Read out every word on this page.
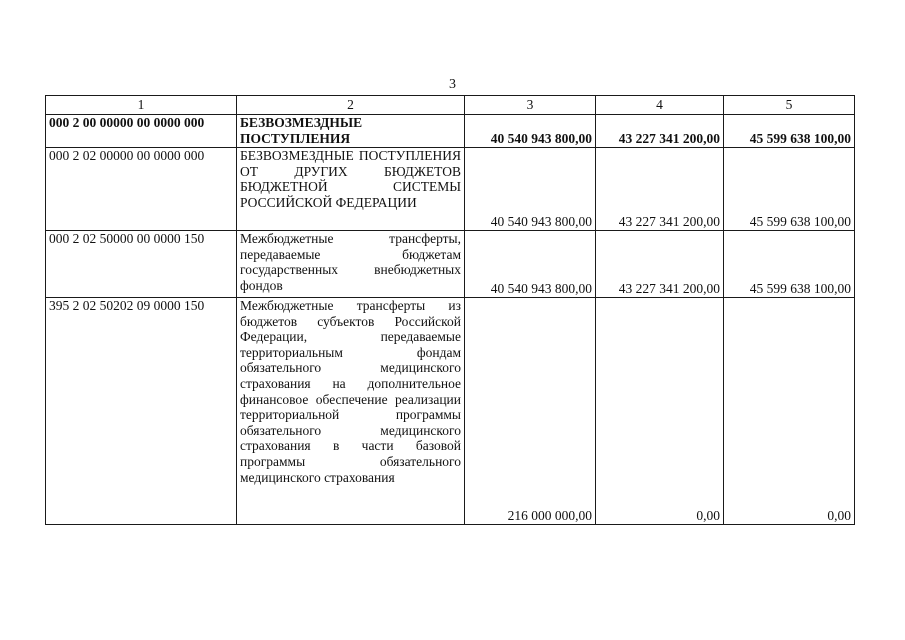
3
1	2	3	4	5
000 2 00 00000 00 0000 000	БЕЗВОЗМЕЗДНЫЕ ПОСТУПЛЕНИЯ	40 540 943 800,00	43 227 341 200,00	45 599 638 100,00
000 2 02 00000 00 0000 000	БЕЗВОЗМЕЗДНЫЕ ПОСТУПЛЕНИЯ ОТ ДРУГИХ БЮДЖЕТОВ БЮДЖЕТНОЙ СИСТЕМЫ РОССИЙСКОЙ ФЕДЕРАЦИИ	40 540 943 800,00	43 227 341 200,00	45 599 638 100,00
000 2 02 50000 00 0000 150	Межбюджетные трансферты, передаваемые бюджетам государственных внебюджетных фондов	40 540 943 800,00	43 227 341 200,00	45 599 638 100,00
395 2 02 50202 09 0000 150	Межбюджетные трансферты из бюджетов субъектов Российской Федерации, передаваемые территориальным фондам обязательного медицинского страхования на дополнительное финансовое обеспечение реализации территориальной программы обязательного медицинского страхования в части базовой программы обязательного медицинского страхования	216 000 000,00	0,00	0,00
